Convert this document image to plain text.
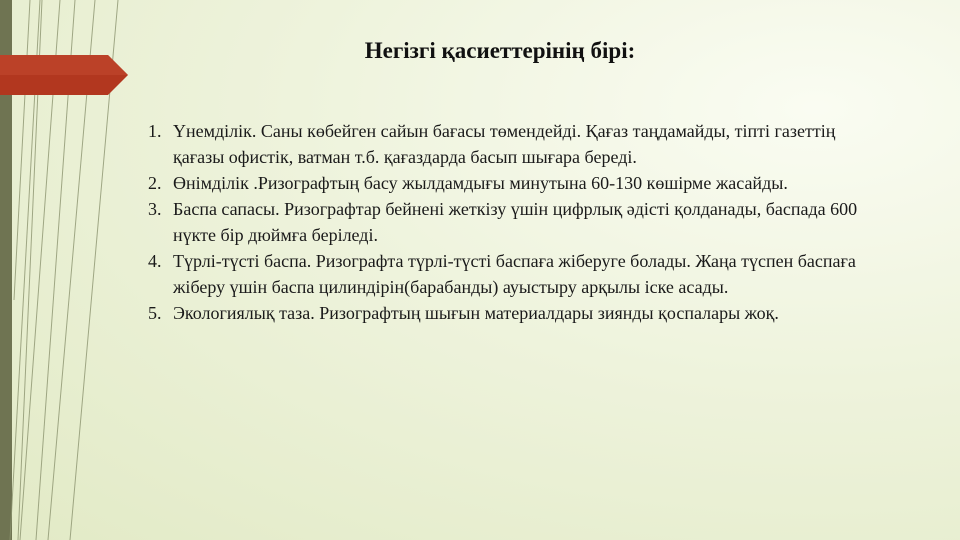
Негізгі қасиеттерінің бірі:
1. Үнемділік. Саны көбейген сайын бағасы төмендейді. Қағаз таңдамайды, тіпті газеттің қағазы офистік, ватман т.б. қағаздарда басып шығара береді.
2. Өнімділік .Ризографтың басу жылдамдығы минутына 60-130 көшірме жасайды.
3. Баспа сапасы. Ризографтар бейнені жеткізу үшін цифрлық әдісті қолданады, баспада 600 нүкте бір дюймға беріледі.
4. Түрлі-түсті баспа. Ризографта түрлі-түсті баспаға жіберуге болады. Жаңа түспен баспаға жіберу үшін баспа цилиндірін(барабанды) ауыстыру арқылы іске асады.
5. Экологиялық таза. Ризографтың шығын материалдары зиянды қоспалары жоқ.
